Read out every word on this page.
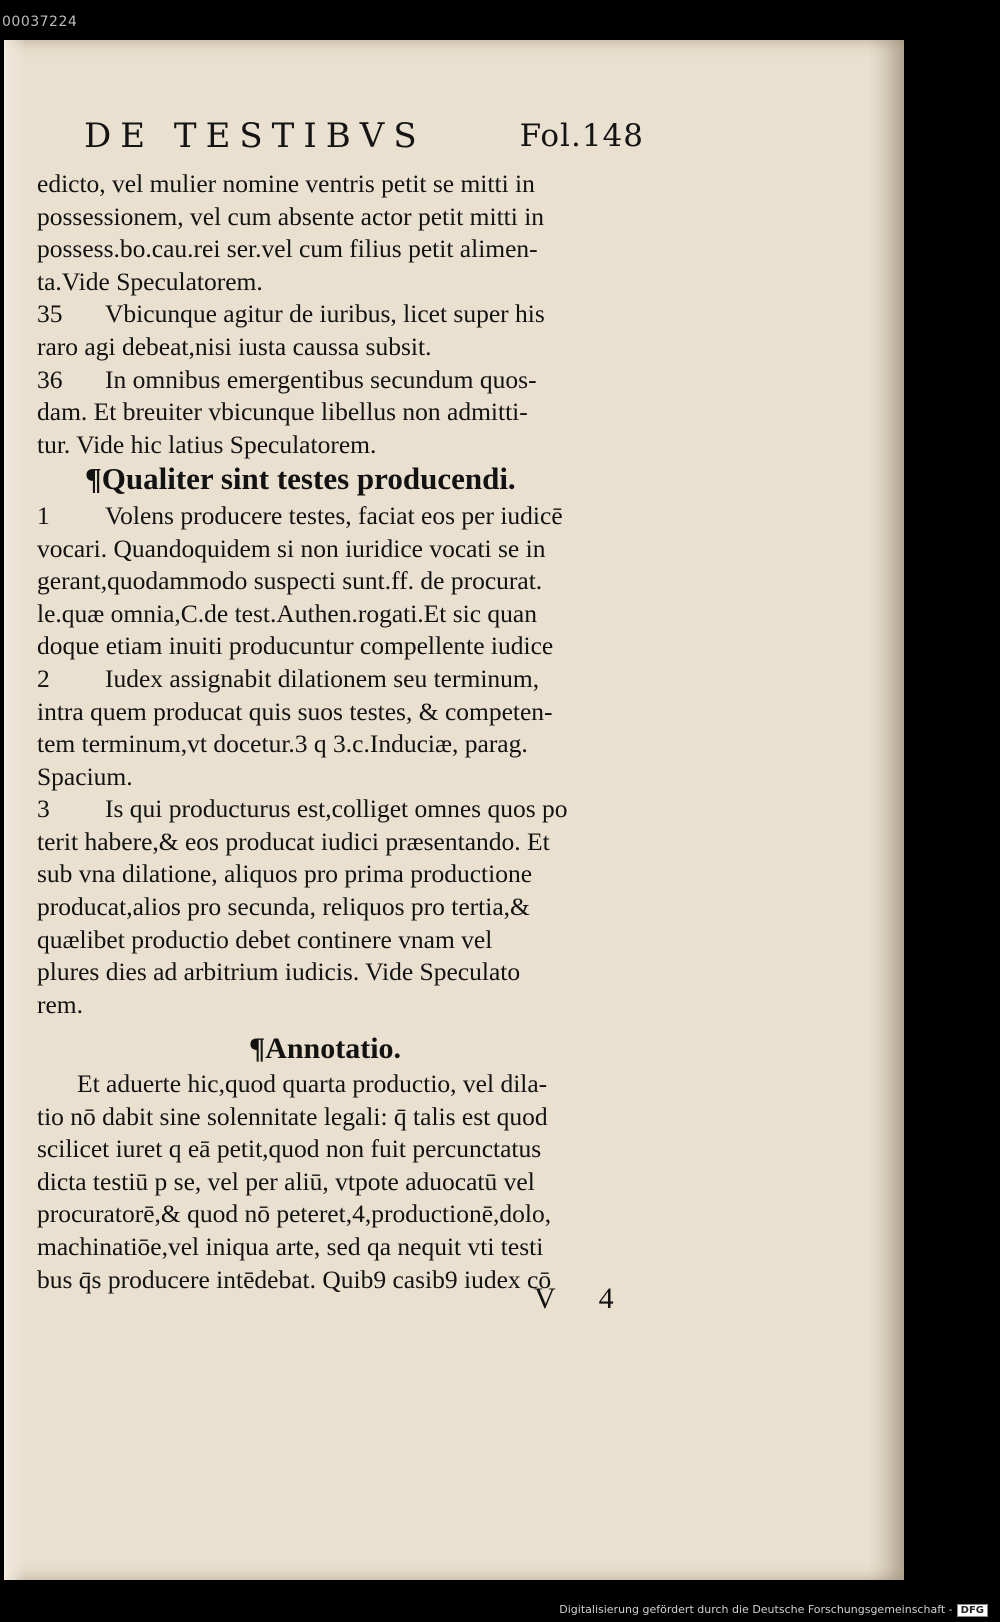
00037224
DE TESTIBVS	Fol.148
edicto, vel mulier nomine ventris petit se mitti in
possessionem, vel cum absente actor petit mitti in
possess.bo.cau.rei ser.vel cum filius petit alimen-
ta.Vide Speculatorem.
35 Vbicunque agitur de iuribus, licet super his
raro agi debeat,nisi iusta caussa subsit.
36 In omnibus emergentibus secundum quos-
dam. Et breuiter vbicunque libellus non admitti-
tur. Vide hic latius Speculatorem.
¶Qualiter sint testes producendi.
1 Volens producere testes, faciat eos per iudicē
vocari. Quandoquidem si non iuridice vocati se in
gerant,quodammodo suspecti sunt.ff. de procurat.
le.quæ omnia,C.de test.Authen.rogati.Et sic quan
doque etiam inuiti producuntur compellente iudice
2 Iudex assignabit dilationem seu terminum,
intra quem producat quis suos testes, & competen-
tem terminum,vt docetur.3 q 3.c.Induciæ, parag.
Spacium.
3 Is qui producturus est,colliget omnes quos po
terit habere,& eos producat iudici præsentando. Et
sub vna dilatione, aliquos pro prima productione
producat,alios pro secunda, reliquos pro tertia,&
quælibet productio debet continere vnam vel
plures dies ad arbitrium iudicis. Vide Speculato
rem.
¶Annotatio.
Et aduerte hic,quod quarta productio, vel dila-
tio nō dabit sine solennitate legali: q̄ talis est quod
scilicet iuret q eā petit,quod non fuit percunctatus
dicta testiū p se, vel per aliū, vtpote aduocatū vel
procuratorē,& quod nō peteret,4,productionē,dolo,
machinatiōe,vel iniqua arte, sed qa nequit vti testi
bus q̄s producere intēdebat. Quib9 casib9 iudex cō
V 4
Digitalisierung gefördert durch die Deutsche Forschungsgemeinschaft - DFG
